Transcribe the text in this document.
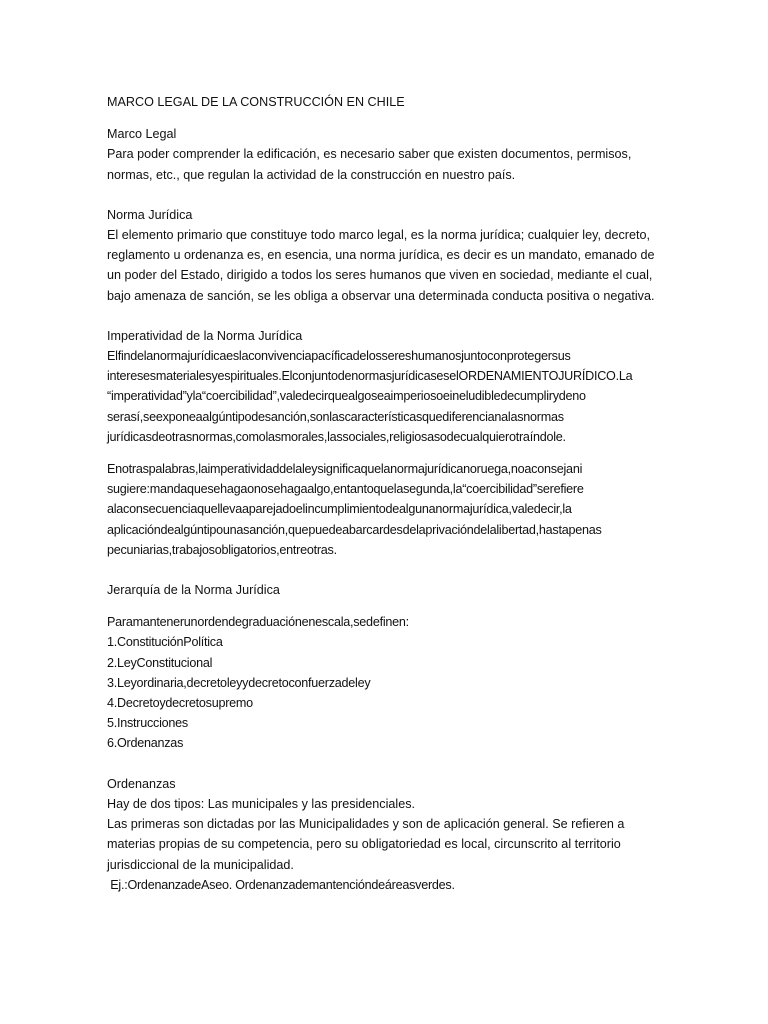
MARCO LEGAL DE LA CONSTRUCCIÓN EN CHILE
Marco Legal
Para poder comprender la edificación, es necesario saber que existen documentos, permisos,
normas, etc., que regulan la actividad de la construcción en nuestro país.
Norma Jurídica
El elemento primario que constituye todo marco legal, es la norma jurídica; cualquier ley, decreto,
reglamento u ordenanza es, en esencia, una norma jurídica, es decir es un mandato, emanado de
un poder del Estado, dirigido a todos los seres humanos que viven en sociedad, mediante el cual,
bajo amenaza de sanción, se les obliga a observar una determinada conducta positiva o negativa.
Imperatividad de la Norma Jurídica
Elfindelanormajurídicaeslaconvivenciapacíficadelossereshumanosjuntoconprotegersus
interesesmaterialesyespirituales.ElconjuntodenormasjurídicaseselORDENAMIENTOJURÍDICO.La
“imperatividad”yla“coercibilidad”,valedecirquealgoseaimperiosoeineludibledecumplirydeno
serasí,seexponeaalgúntipodesanción,sonlascaracterísticasquediferencianalasnormas
jurídicasdeotrasnormas,comolasmorales,lassociales,religiosasodecualquierotraíndole.
Enotraspalabras,laimperatividaddelaleysignificaquelanormajurídicanoruega,noaconsejani
sugiere:mandaquesehagaonosehagaalgo,entantoquelasegunda,la“coercibilidad”serefiere
alaconsecuenciaquellevaaparejadoelincumplimientodealgunanormajurídica,valedecir,la
aplicacióndealgúntipounasanción,quepuedeabarcardesdelaprivacióndelalibertad,hastapenas
pecuniarias,trabajosobligatorios,entreotras.
Jerarquía de la Norma Jurídica
Paramantenerunordendegraduaciónenescala,sedefinen:
1.ConstituciónPolítica
2.LeyConstitucional
3.Leyordinaria,decretoleyydecretoconfuerzadeley
4.Decretoydecretosupremo
5.Instrucciones
6.Ordenanzas
Ordenanzas
Hay de dos tipos: Las municipales y las presidenciales.
Las primeras son dictadas por las Municipalidades y son de aplicación general. Se refieren a
materias propias de su competencia, pero su obligatoriedad es local, circunscrito al territorio
jurisdiccional de la municipalidad.
Ej.:OrdenanzadeAseo. Ordenanzademantencióndeáreasverdes.
